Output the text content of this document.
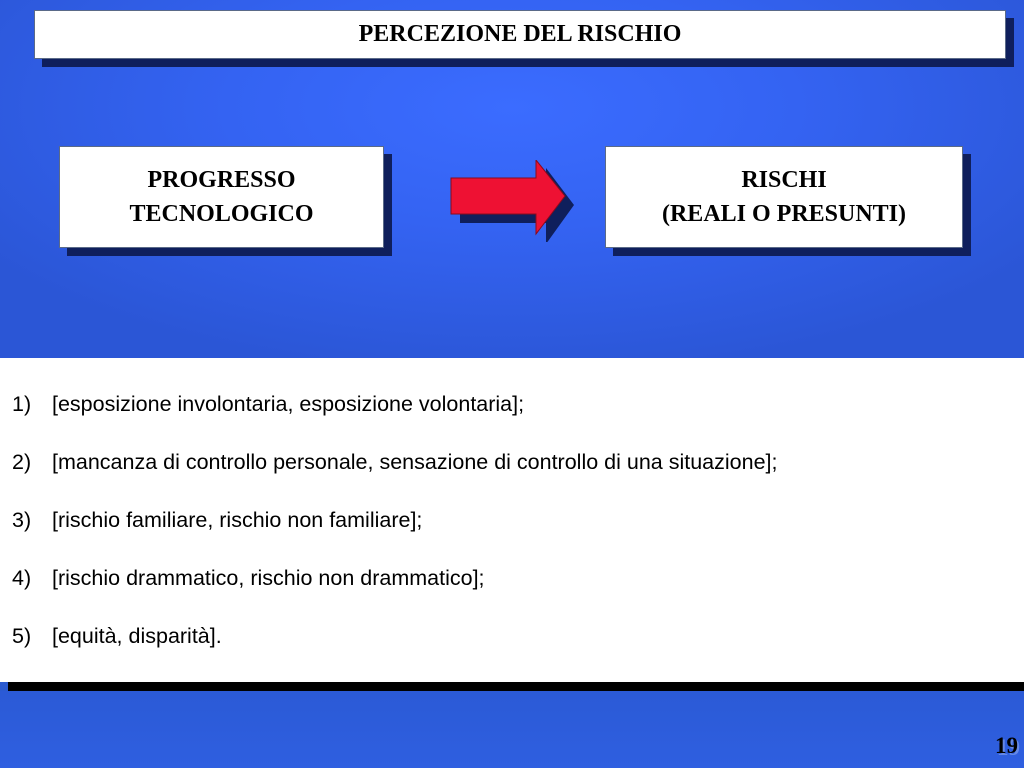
PERCEZIONE DEL RISCHIO
PROGRESSO
TECNOLOGICO
RISCHI
(REALI O PRESUNTI)
1) [esposizione involontaria, esposizione volontaria];
2) [mancanza di controllo personale, sensazione di controllo di una situazione];
3) [rischio familiare, rischio non familiare];
4) [rischio drammatico, rischio non drammatico];
5) [equità, disparità].
19
